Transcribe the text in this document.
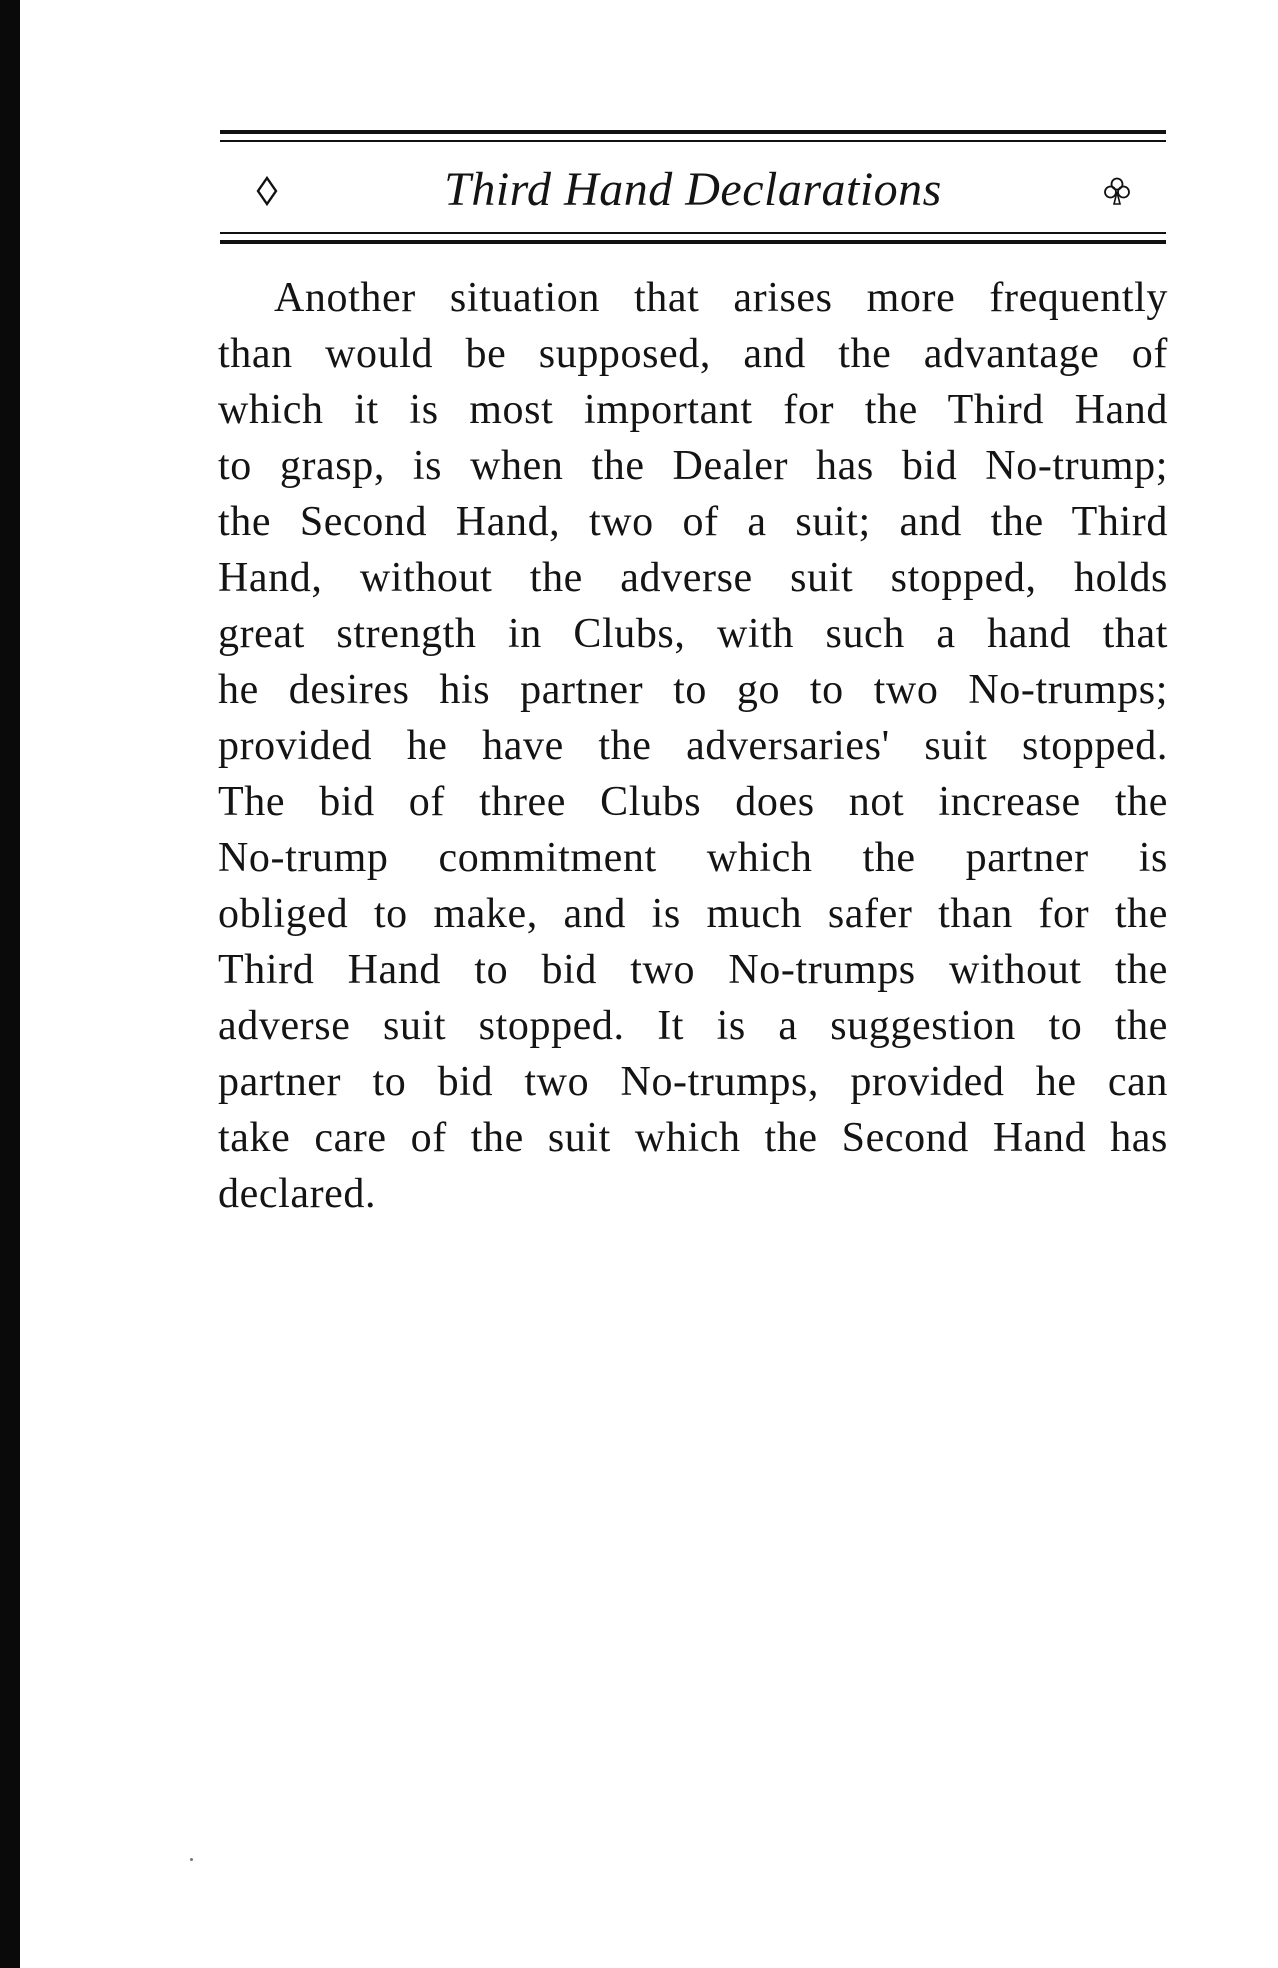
Third Hand Declarations
Another situation that arises more frequently
than would be supposed, and the advantage of
which it is most important for the Third Hand
to grasp, is when the Dealer has bid No-trump;
the Second Hand, two of a suit; and the Third
Hand, without the adverse suit stopped, holds
great strength in Clubs, with such a hand that
he desires his partner to go to two No-trumps;
provided he have the adversaries' suit stopped.
The bid of three Clubs does not increase the
No-trump commitment which the partner is
obliged to make, and is much safer than for the
Third Hand to bid two No-trumps without the
adverse suit stopped. It is a suggestion to the
partner to bid two No-trumps, provided he can
take care of the suit which the Second Hand has
declared.
